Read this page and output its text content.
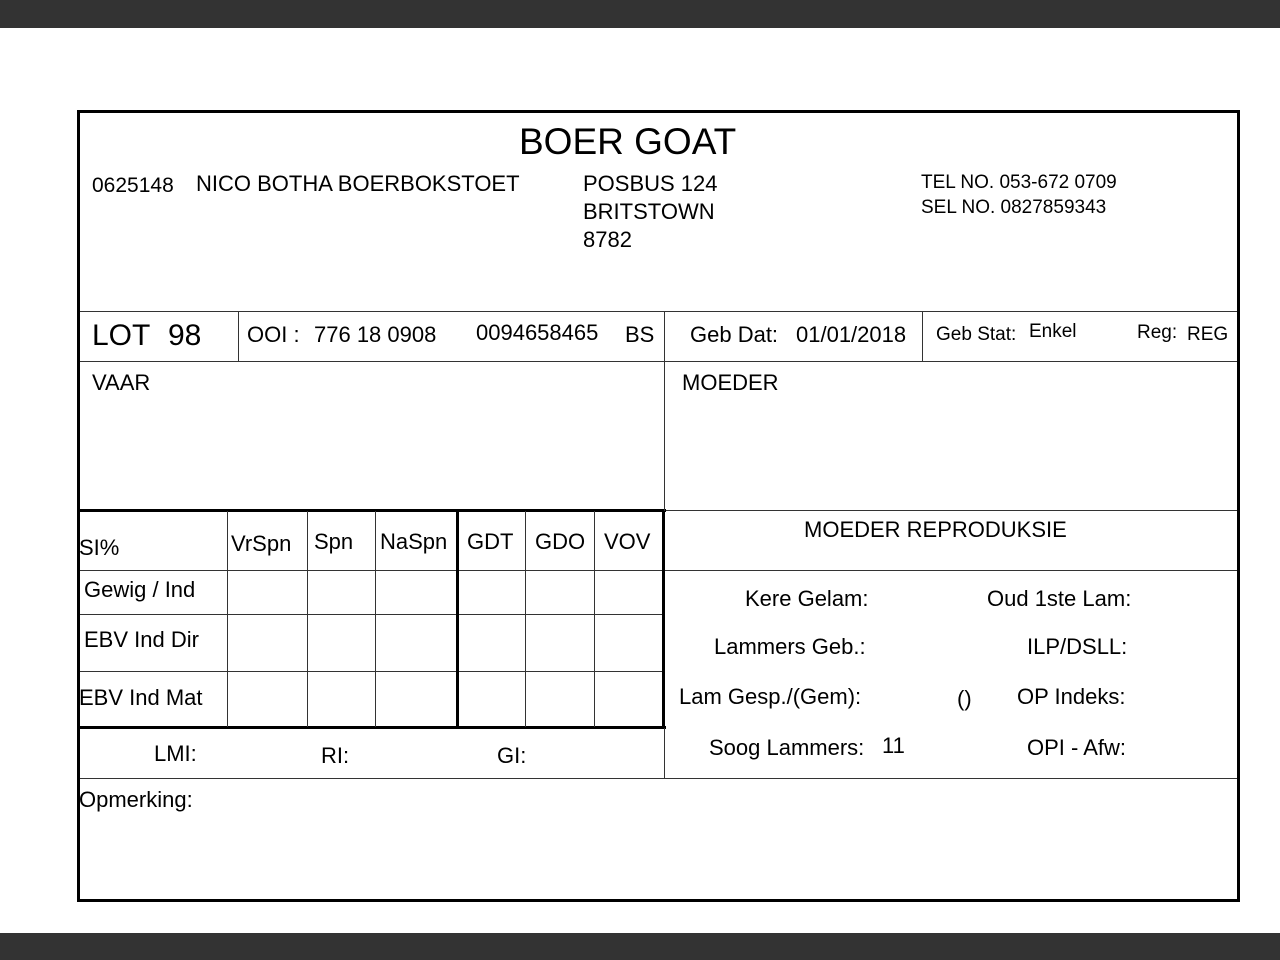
BOER GOAT
0625148 NICO BOTHA BOERBOKSTOET	POSBUS 124
BRITSTOWN
8782
TEL NO. 053-672 0709
SEL NO. 0827859343
LOT 98 OOI : 776 18 0908 0094658465 BS Geb Dat: 01/01/2018 Geb Stat: Enkel	Reg: REG
VAAR	MOEDER
SI%	VrSpn Spn NaSpn GDT GDO VOV
Gewig / Ind
EBV Ind Dir
EBV Ind Mat
LMI:	RI:	GI:
MOEDER REPRODUKSIE
Kere Gelam:	Oud 1ste Lam:
Lammers Geb.:	ILP/DSLL:
Lam Gesp./(Gem):	() OP Indeks:
Soog Lammers: 11	OPI - Afw:
Opmerking:
